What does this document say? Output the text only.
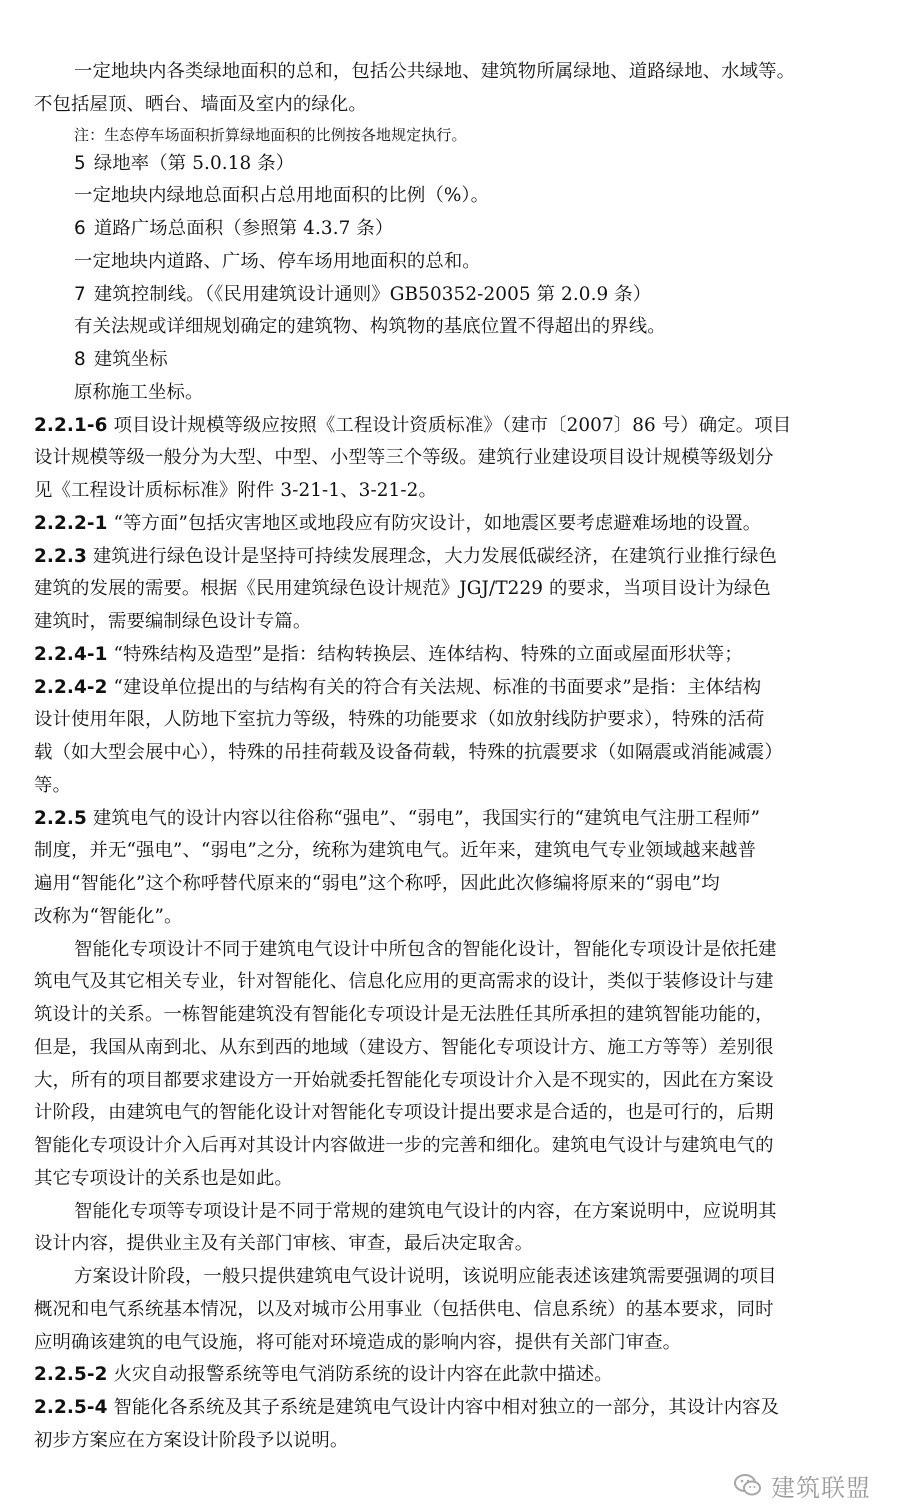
一定地块内各类绿地面积的总和，包括公共绿地、建筑物所属绿地、道路绿地、水域等。

不包括屋顶、晒台、墙面及室内的绿化。

注：生态停车场面积折算绿地面积的比例按各地规定执行。

5 绿地率（第 5.0.18 条）

一定地块内绿地总面积占总用地面积的比例（%）。

6 道路广场总面积（参照第 4.3.7 条）

一定地块内道路、广场、停车场用地面积的总和。

7 建筑控制线。（《民用建筑设计通则》GB50352-2005 第 2.0.9 条）

有关法规或详细规划确定的建筑物、构筑物的基底位置不得超出的界线。

8 建筑坐标

原称施工坐标。

2.2.1-6 项目设计规模等级应按照《工程设计资质标准》（建市〔2007〕86 号）确定。项目

设计规模等级一般分为大型、中型、小型等三个等级。建筑行业建设项目设计规模等级划分

见《工程设计质标标准》附件 3-21-1、3-21-2。

2.2.2-1 “等方面”包括灾害地区或地段应有防灾设计，如地震区要考虑避难场地的设置。

2.2.3 建筑进行绿色设计是坚持可持续发展理念，大力发展低碳经济，在建筑行业推行绿色

建筑的发展的需要。根据《民用建筑绿色设计规范》JGJ/T229 的要求，当项目设计为绿色

建筑时，需要编制绿色设计专篇。

2.2.4-1 “特殊结构及造型”是指：结构转换层、连体结构、特殊的立面或屋面形状等；

2.2.4-2 “建设单位提出的与结构有关的符合有关法规、标准的书面要求”是指：主体结构

设计使用年限，人防地下室抗力等级，特殊的功能要求（如放射线防护要求），特殊的活荷

载（如大型会展中心），特殊的吊挂荷载及设备荷载，特殊的抗震要求（如隔震或消能减震）

等。

2.2.5 建筑电气的设计内容以往俗称“强电”、“弱电”，我国实行的“建筑电气注册工程师”

制度，并无“强电”、“弱电”之分，统称为建筑电气。近年来，建筑电气专业领域越来越普

遍用“智能化”这个称呼替代原来的“弱电”这个称呼，因此此次修编将原来的“弱电”均

改称为“智能化”。

智能化专项设计不同于建筑电气设计中所包含的智能化设计，智能化专项设计是依托建

筑电气及其它相关专业，针对智能化、信息化应用的更高需求的设计，类似于装修设计与建

筑设计的关系。一栋智能建筑没有智能化专项设计是无法胜任其所承担的建筑智能功能的，

但是，我国从南到北、从东到西的地域（建设方、智能化专项设计方、施工方等等）差别很

大，所有的项目都要求建设方一开始就委托智能化专项设计介入是不现实的，因此在方案设

计阶段，由建筑电气的智能化设计对智能化专项设计提出要求是合适的，也是可行的，后期

智能化专项设计介入后再对其设计内容做进一步的完善和细化。建筑电气设计与建筑电气的

其它专项设计的关系也是如此。

智能化专项等专项设计是不同于常规的建筑电气设计的内容，在方案说明中，应说明其

设计内容，提供业主及有关部门审核、审查，最后决定取舍。

方案设计阶段，一般只提供建筑电气设计说明，该说明应能表述该建筑需要强调的项目

概况和电气系统基本情况，以及对城市公用事业（包括供电、信息系统）的基本要求，同时

应明确该建筑的电气设施，将可能对环境造成的影响内容，提供有关部门审查。

2.2.5-2 火灾自动报警系统等电气消防系统的设计内容在此款中描述。

2.2.5-4 智能化各系统及其子系统是建筑电气设计内容中相对独立的一部分，其设计内容及

初步方案应在方案设计阶段予以说明。

建筑联盟
